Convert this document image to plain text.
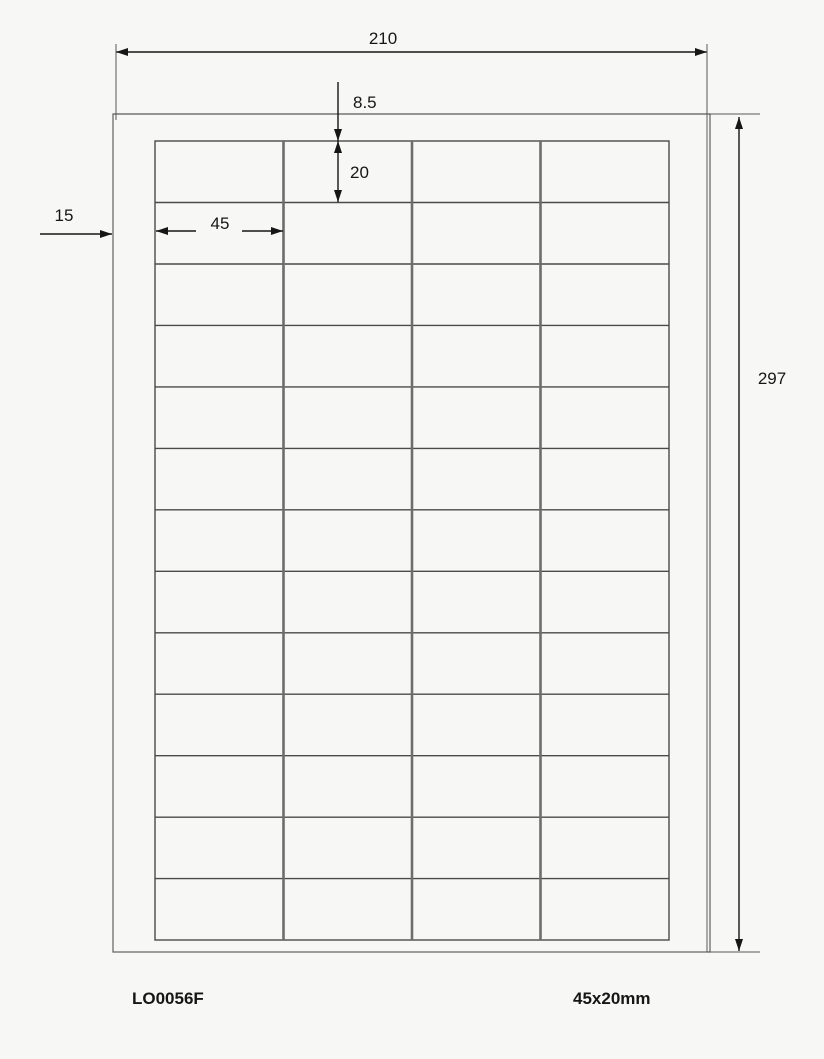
210
8.5
20
15	45
297
LO0056F	45x20mm
